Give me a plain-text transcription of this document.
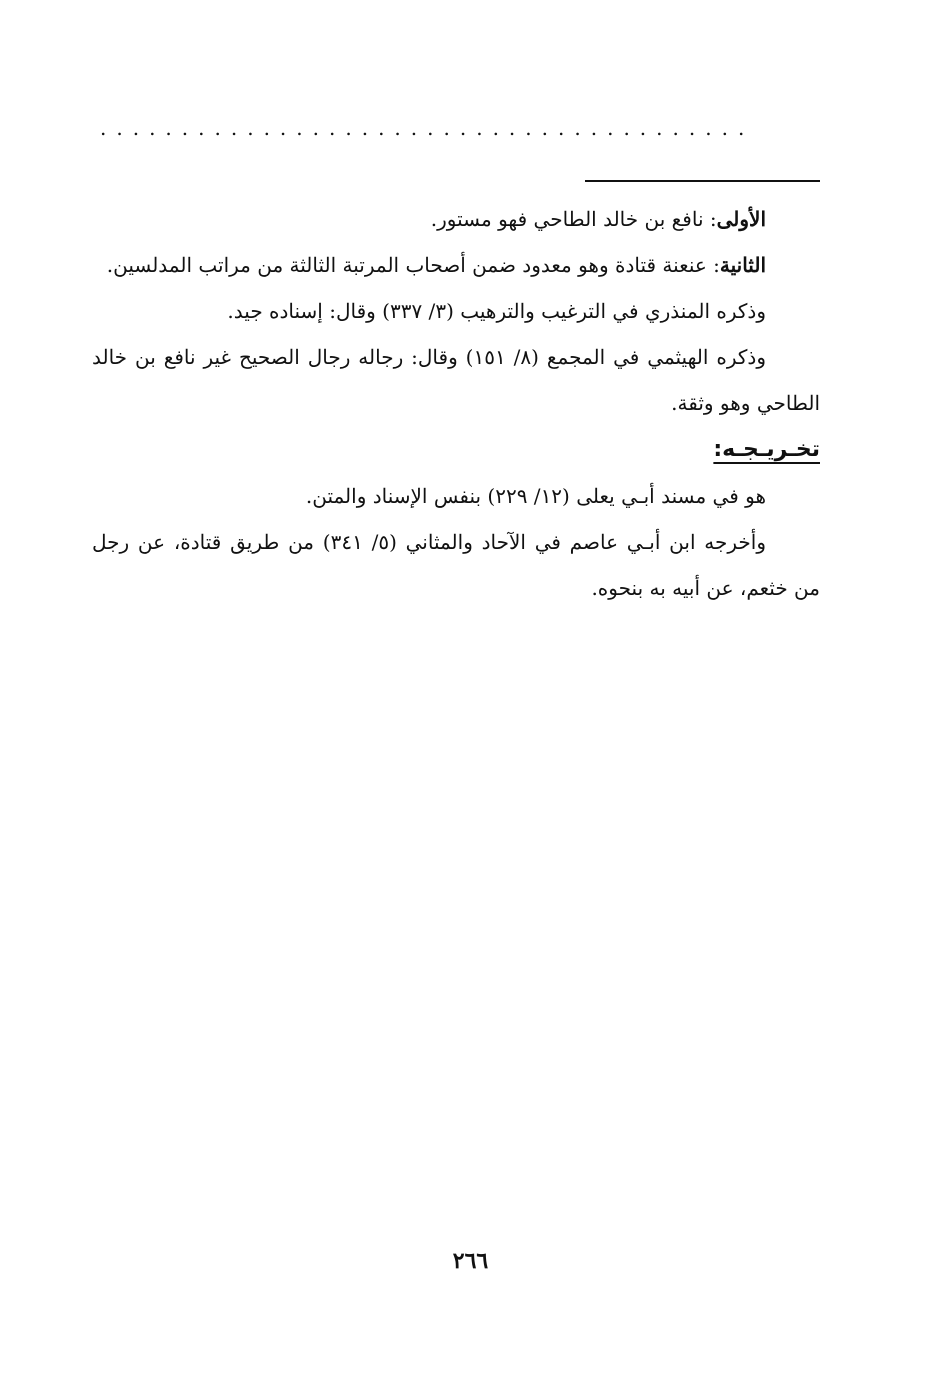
........................................

الأولى: نافع بن خالد الطاحي فهو مستور.

الثانية: عنعنة قتادة وهو معدود ضمن أصحاب المرتبة الثالثة من مراتب المدلسين.

وذكره المنذري في الترغيب والترهيب (٣/ ٣٣٧) وقال: إسناده جيد.

وذكره الهيثمي في المجمع (٨/ ١٥١) وقال: رجاله رجال الصحيح غير نافع بن خالد الطاحي وهو وثقة.

تخـريـجـه:

هو في مسند أبـي يعلى (١٢/ ٢٢٩) بنفس الإسناد والمتن.

وأخرجه ابن أبـي عاصم في الآحاد والمثاني (٥/ ٣٤١) من طريق قتادة، عن رجل من خثعم، عن أبيه به بنحوه.

٢٦٦
